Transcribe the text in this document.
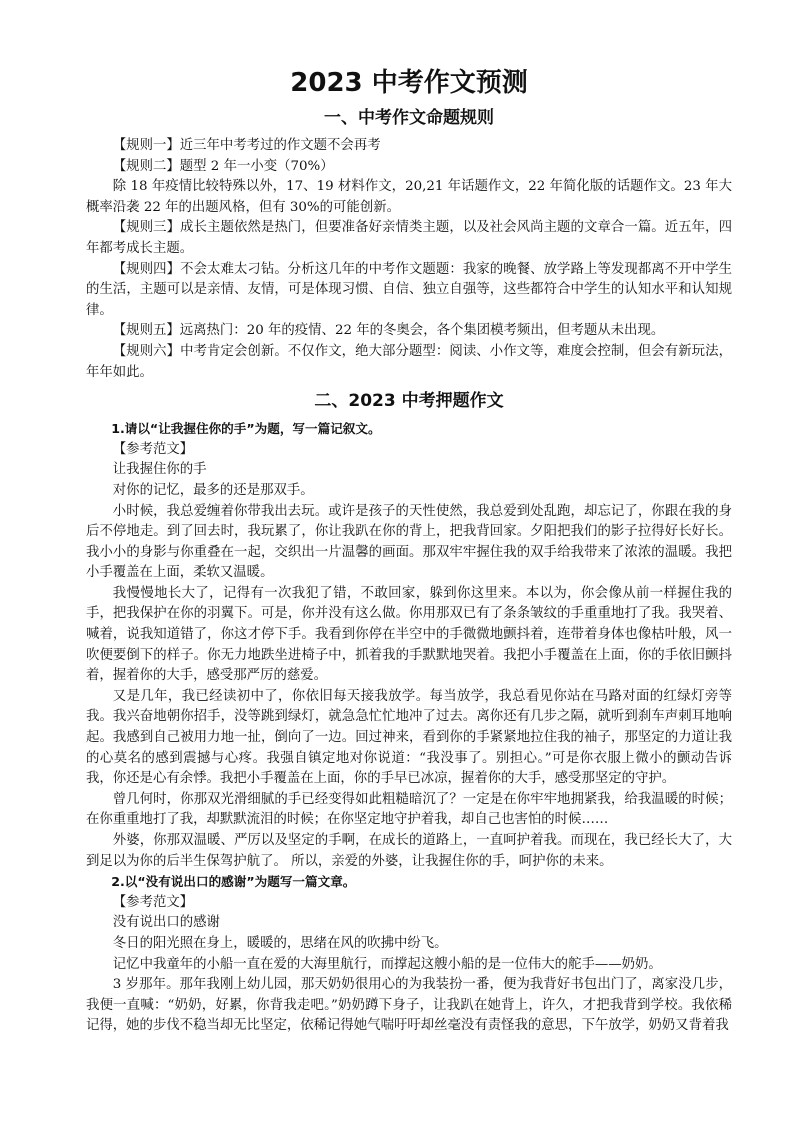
2023 中考作文预测
一、中考作文命题规则

【规则一】近三年中考考过的作文题不会再考

【规则二】题型 2 年一小变（70%）

除 18 年疫情比较特殊以外，17、19 材料作文，20,21 年话题作文，22 年简化版的话题作文。23 年大概率沿袭 22 年的出题风格，但有 30%的可能创新。

【规则三】成长主题依然是热门，但要准备好亲情类主题，以及社会风尚主题的文章合一篇。近五年，四年都考成长主题。

【规则四】不会太难太刁钻。分析这几年的中考作文题题：我家的晚餐、放学路上等发现都离不开中学生的生活，主题可以是亲情、友情，可是体现习惯、自信、独立自强等，这些都符合中学生的认知水平和认知规律。

【规则五】远离热门：20 年的疫情、22 年的冬奥会，各个集团模考频出，但考题从未出现。

【规则六】中考肯定会创新。不仅作文，绝大部分题型：阅读、小作文等，难度会控制，但会有新玩法，年年如此。

二、2023 中考押题作文

1.请以“让我握住你的手”为题，写一篇记叙文。

【参考范文】

让我握住你的手

对你的记忆，最多的还是那双手。

小时候，我总爱缠着你带我出去玩。或许是孩子的天性使然，我总爱到处乱跑，却忘记了，你跟在我的身后不停地走。到了回去时，我玩累了，你让我趴在你的背上，把我背回家。夕阳把我们的影子拉得好长好长。我小小的身影与你重叠在一起，交织出一片温馨的画面。那双牢牢握住我的双手给我带来了浓浓的温暖。我把小手覆盖在上面，柔软又温暖。

我慢慢地长大了，记得有一次我犯了错，不敢回家，躲到你这里来。本以为，你会像从前一样握住我的手，把我保护在你的羽翼下。可是，你并没有这么做。你用那双已有了条条皱纹的手重重地打了我。我哭着、喊着，说我知道错了，你这才停下手。我看到你停在半空中的手微微地颤抖着，连带着身体也像枯叶般，风一吹便要倒下的样子。你无力地跌坐进椅子中，抓着我的手默默地哭着。我把小手覆盖在上面，你的手依旧颤抖着，握着你的大手，感受那严厉的慈爱。

又是几年，我已经读初中了，你依旧每天接我放学。每当放学，我总看见你站在马路对面的红绿灯旁等我。我兴奋地朝你招手，没等跳到绿灯，就急急忙忙地冲了过去。离你还有几步之隔，就听到刹车声刺耳地响起。我感到自己被用力地一扯，倒向了一边。回过神来，看到你的手紧紧地拉住我的袖子，那坚定的力道让我的心莫名的感到震撼与心疼。我强自镇定地对你说道：“我没事了。别担心。”可是你衣服上微小的颤动告诉我，你还是心有余悸。我把小手覆盖在上面，你的手早已冰凉，握着你的大手，感受那坚定的守护。

曾几何时，你那双光滑细腻的手已经变得如此粗糙暗沉了？一定是在你牢牢地拥紧我，给我温暖的时候；在你重重地打了我，却默默流泪的时候；在你坚定地守护着我，却自己也害怕的时候……

外婆，你那双温暖、严厉以及坚定的手啊，在成长的道路上，一直呵护着我。而现在，我已经长大了，大到足以为你的后半生保驾护航了。 所以，亲爱的外婆，让我握住你的手，呵护你的未来。

2.以“没有说出口的感谢”为题写一篇文章。

【参考范文】

没有说出口的感谢

冬日的阳光照在身上，暖暖的，思绪在风的吹拂中纷飞。

记忆中我童年的小船一直在爱的大海里航行，而撑起这艘小船的是一位伟大的舵手——奶奶。

3 岁那年。那年我刚上幼儿园，那天奶奶很用心的为我装扮一番，便为我背好书包出门了，离家没几步，我便一直喊：“奶奶，好累，你背我走吧。”奶奶蹲下身子，让我趴在她背上，许久，才把我背到学校。我依稀记得，她的步伐不稳当却无比坚定，依稀记得她气喘吁吁却丝毫没有责怪我的意思，下午放学，奶奶又背着我
